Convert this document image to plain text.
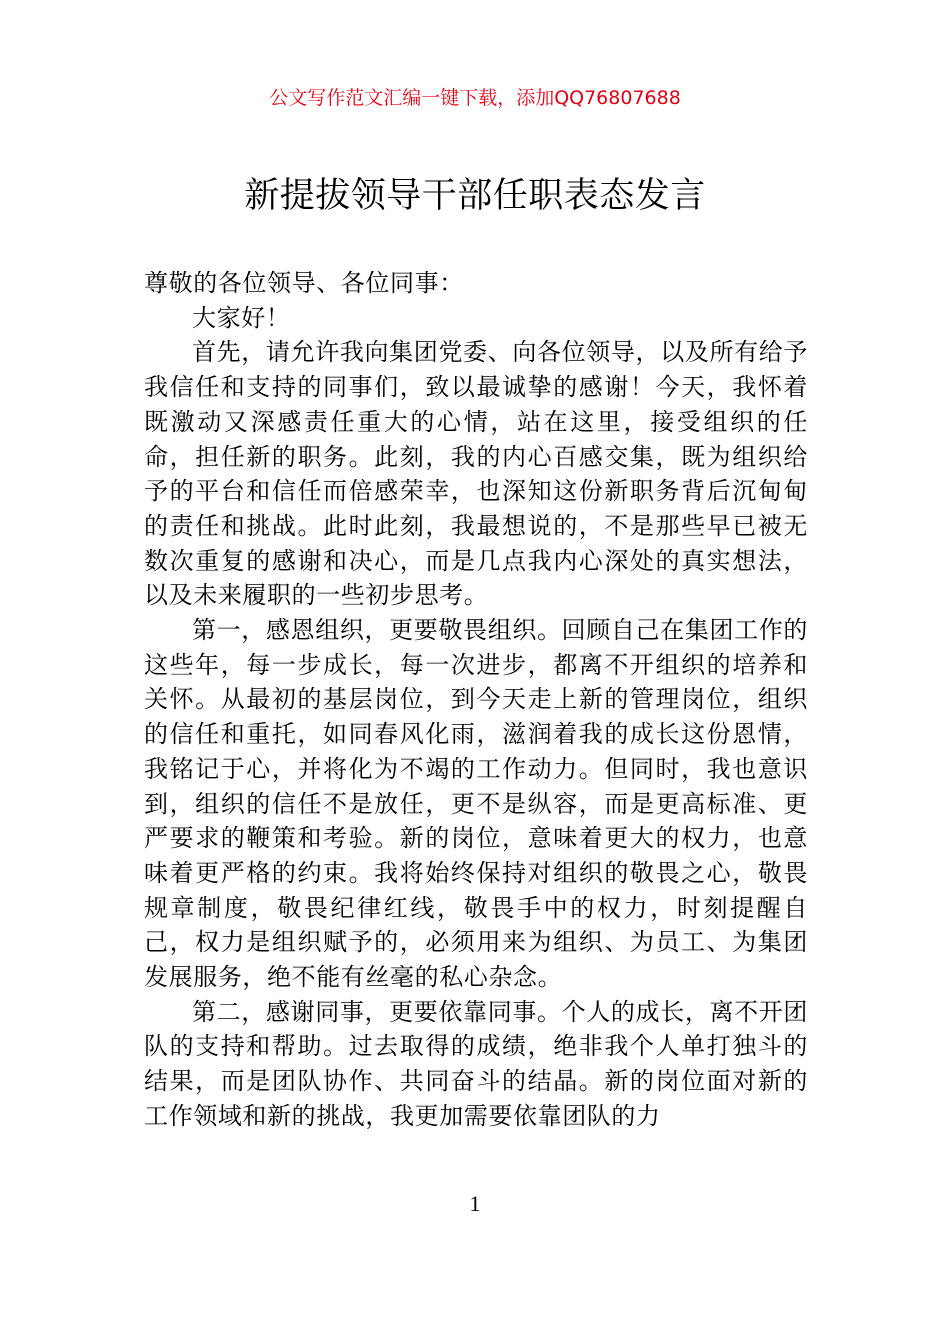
公文写作范文汇编一键下载，添加QQ76807688
新提拔领导干部任职表态发言

尊敬的各位领导、各位同事：

大家好！

首先，请允许我向集团党委、向各位领导，以及所有给予我信任和支持的同事们，致以最诚挚的感谢！今天，我怀着既激动又深感责任重大的心情，站在这里，接受组织的任命，担任新的职务。此刻，我的内心百感交集，既为组织给予的平台和信任而倍感荣幸，也深知这份新职务背后沉甸甸的责任和挑战。此时此刻，我最想说的，不是那些早已被无数次重复的感谢和决心，而是几点我内心深处的真实想法，以及未来履职的一些初步思考。

第一，感恩组织，更要敬畏组织。回顾自己在集团工作的这些年，每一步成长，每一次进步，都离不开组织的培养和关怀。从最初的基层岗位，到今天走上新的管理岗位，组织的信任和重托，如同春风化雨，滋润着我的成长这份恩情，我铭记于心，并将化为不竭的工作动力。但同时，我也意识到，组织的信任不是放任，更不是纵容，而是更高标准、更严要求的鞭策和考验。新的岗位，意味着更大的权力，也意味着更严格的约束。我将始终保持对组织的敬畏之心，敬畏规章制度，敬畏纪律红线，敬畏手中的权力，时刻提醒自己，权力是组织赋予的，必须用来为组织、为员工、为集团发展服务，绝不能有丝毫的私心杂念。

第二，感谢同事，更要依靠同事。个人的成长，离不开团队的支持和帮助。过去取得的成绩，绝非我个人单打独斗的结果，而是团队协作、共同奋斗的结晶。新的岗位面对新的工作领域和新的挑战，我更加需要依靠团队的力

1
